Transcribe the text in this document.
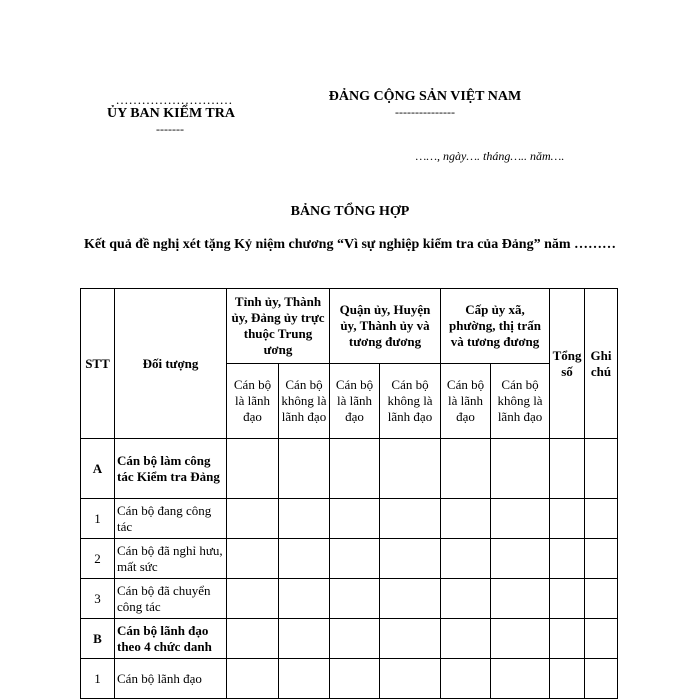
………………………
ỦY BAN KIỂM TRA
-------
ĐẢNG CỘNG SẢN VIỆT NAM
---------------
……, ngày…. tháng….. năm….
BẢNG TỔNG HỢP
Kết quả đề nghị xét tặng Kỷ niệm chương “Vì sự nghiệp kiểm tra của Đảng” năm ………
STT	Đối tượng	Tỉnh ủy, Thành ủy, Đảng ủy trực thuộc Trung ương		Quận ủy, Huyện ủy, Thành ủy và tương đương		Cấp ủy xã, phường, thị trấn và tương đương		Tổng số	Ghi chú
		Cán bộ là lãnh đạo	Cán bộ không là lãnh đạo	Cán bộ là lãnh đạo	Cán bộ không là lãnh đạo	Cán bộ là lãnh đạo	Cán bộ không là lãnh đạo		
A	Cán bộ làm công tác Kiểm tra Đảng								
1	Cán bộ đang công tác								
2	Cán bộ đã nghỉ hưu, mất sức								
3	Cán bộ đã chuyển công tác								
B	Cán bộ lãnh đạo theo 4 chức danh								
1	Cán bộ lãnh đạo								
